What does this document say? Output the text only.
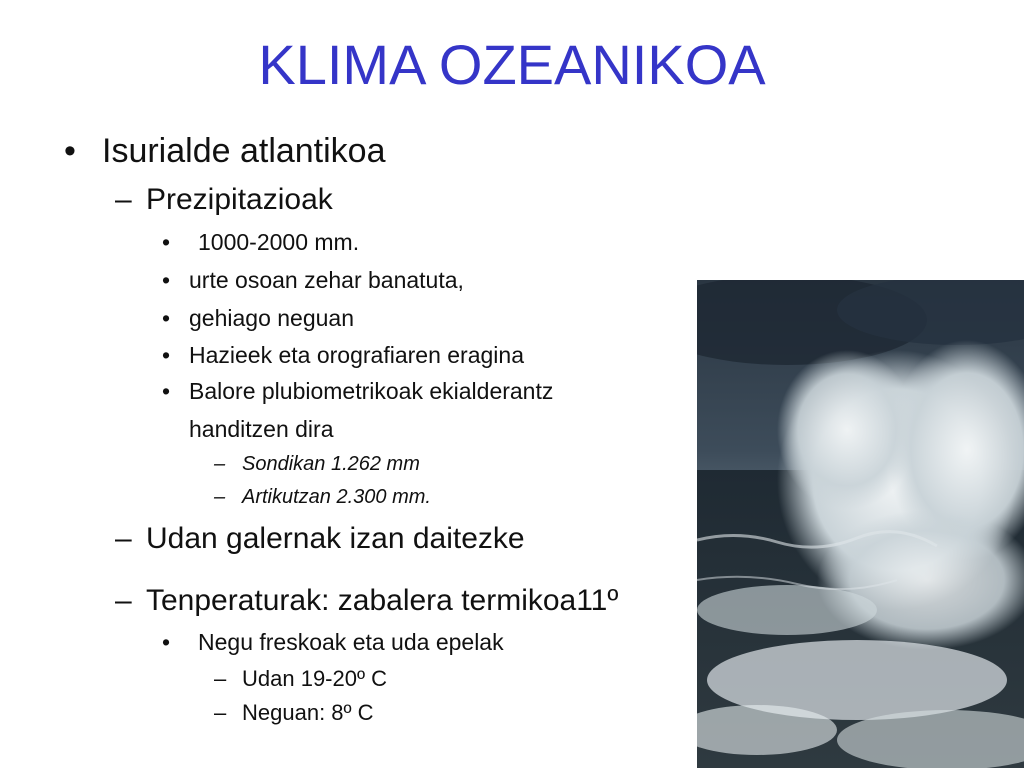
KLIMA OZEANIKOA
• Isurialde atlantikoa
– Prezipitazioak
• 1000-2000 mm.
• urte osoan zehar banatuta,
• gehiago neguan
• Hazieek eta orografiaren eragina
• Balore plubiometrikoak ekialderantz
handitzen dira
– Sondikan 1.262 mm
– Artikutzan 2.300 mm.
– Udan galernak izan daitezke
– Tenperaturak: zabalera termikoa11º
• Negu freskoak eta uda epelak
– Udan 19-20º C
– Neguan: 8º C
